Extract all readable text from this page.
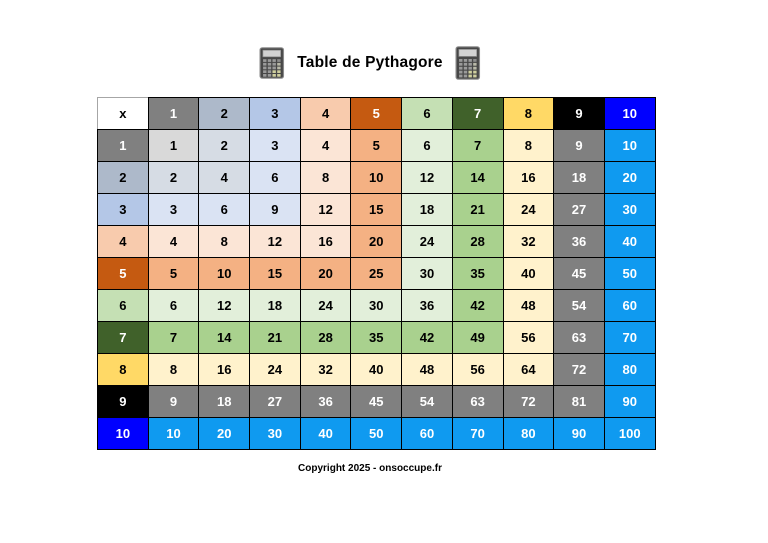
Table de Pythagore
x	1	2	3	4	5	6	7	8	9	10
1	1	2	3	4	5	6	7	8	9	10
2	2	4	6	8	10	12	14	16	18	20
3	3	6	9	12	15	18	21	24	27	30
4	4	8	12	16	20	24	28	32	36	40
5	5	10	15	20	25	30	35	40	45	50
6	6	12	18	24	30	36	42	48	54	60
7	7	14	21	28	35	42	49	56	63	70
8	8	16	24	32	40	48	56	64	72	80
9	9	18	27	36	45	54	63	72	81	90
10	10	20	30	40	50	60	70	80	90	100
Copyright 2025 - onsoccupe.fr
